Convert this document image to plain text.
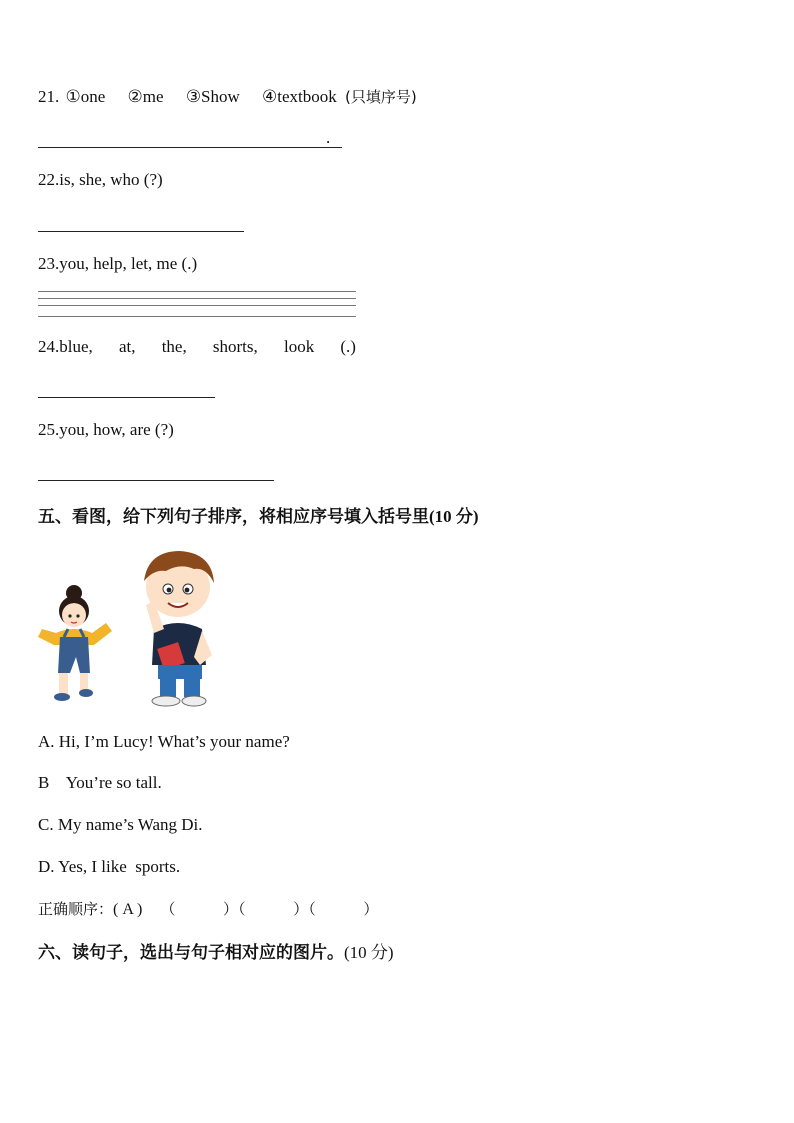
21. ①one ②me ③Show ④textbook (只填序号)
.
22.is, she, who (?)
23.you, help, let, me (.)
24.blue, at, the, shorts, look (.)
25.you, how, are (?)
五、看图，给下列句子排序，将相应序号填入括号里(10 分)
A. Hi, I’m Lucy! What’s your name?
B    You’re so tall.
C. My name’s Wang Di.
D. Yes, I like  sports.
正确顺序：( A ) （          ）（          ）（          ）
六、读句子，选出与句子相对应的图片。(10 分)
